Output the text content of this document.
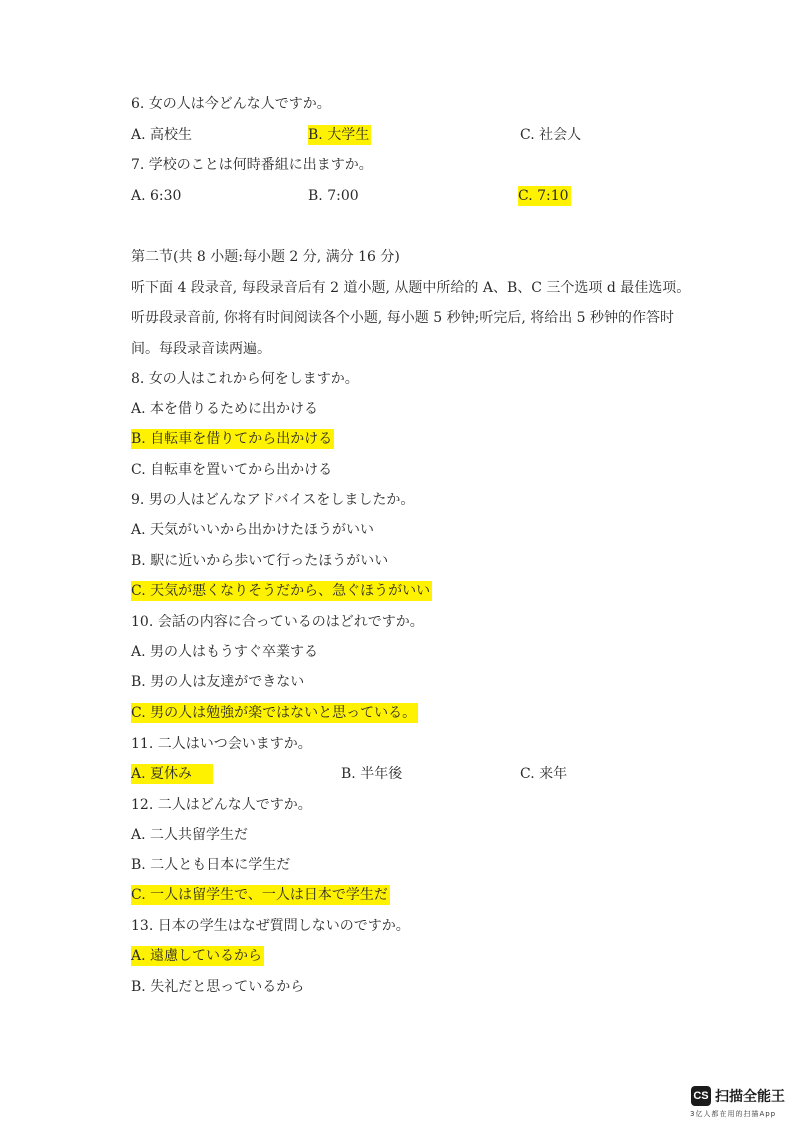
6. 女の人は今どんな人ですか。
A. 高校生	B. 大学生	C. 社会人
7. 学校のことは何時番組に出ますか。
A. 6:30	B. 7:00	C. 7:10
第二节(共 8 小题:每小题 2 分, 满分 16 分)
听下面 4 段录音, 每段录音后有 2 道小题, 从题中所给的 A、B、C 三个选项 d 最佳选项。
听毋段录音前, 你将有时间阅读各个小题, 每小题 5 秒钟;听完后, 将给出 5 秒钟的作答时
间。每段录音读两遍。
8. 女の人はこれから何をしますか。
A. 本を借りるために出かける
B. 自転車を借りてから出かける
C. 自転車を置いてから出かける
9. 男の人はどんなアドバイスをしましたか。
A. 天気がいいから出かけたほうがいい
B. 駅に近いから歩いて行ったほうがいい
C. 天気が悪くなりそうだから、急ぐほうがいい
10. 会話の内容に合っているのはどれですか。
A. 男の人はもうすぐ卒業する
B. 男の人は友達ができない
C. 男の人は勉強が楽ではないと思っている。
11. 二人はいつ会いますか。
A. 夏休み	B. 半年後	C. 来年
12. 二人はどんな人ですか。
A. 二人共留学生だ
B. 二人とも日本に学生だ
C. 一人は留学生で、一人は日本で学生だ
13. 日本の学生はなぜ質問しないのですか。
A. 遠慮しているから
B. 失礼だと思っているから
CS 扫描全能王
3亿人都在用的扫描App
